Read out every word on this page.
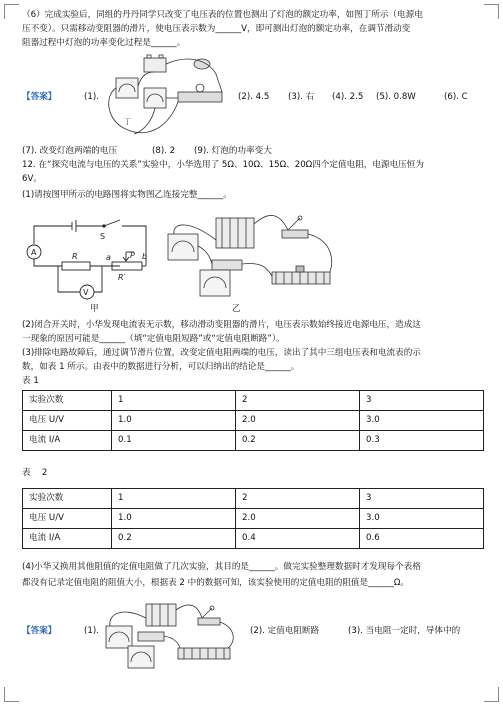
（6）完成实验后，同组的丹丹同学只改变了电压表的位置也测出了灯泡的额定功率，如图丁所示（电源电
压不变）。只需移动变阻器的滑片，使电压表示数为______V，即可测出灯泡的额定功率，在调节滑动变
阻器过程中灯泡的功率变化过程是______。
【答案】	(1).
丁
(2). 4.5 (3). 右 (4). 2.5 (5). 0.8W	(6). C
(7). 改变灯泡两端的电压	(8). 2 (9). 灯泡的功率变大
12. 在“探究电流与电压的关系”实验中，小华选用了 5Ω、10Ω、15Ω、20Ω四个定值电阻，电源电压恒为
6V。
(1)请按图甲所示的电路图将实物图乙连接完整______。
A
S
R	a P b
R′
V
甲	乙
(2)闭合开关时，小华发现电流表无示数，移动滑动变阻器的滑片，电压表示数始终接近电源电压，造成这
一现象的原因可能是______（填“定值电阻短路”或“定值电阻断路”）。
(3)排除电路故障后，通过调节滑片位置，改变定值电阻两端的电压，读出了其中三组电压表和电流表的示
数，如表 1 所示。由表中的数据进行分析，可以归纳出的结论是______。
表 1
实验次数	1	2	3
电压 U/V	1.0	2.0	3.0
电流 I/A	0.1	0.2	0.3
表　 2
实验次数	1	2	3
电压 U/V	1.0	2.0	3.0
电流 I/A	0.2	0.4	0.6
(4)小华又换用其他阻值的定值电阻做了几次实验，其目的是______。做完实验整理数据时才发现每个表格
都没有记录定值电阻的阻值大小，根据表 2 中的数据可知，该实验使用的定值电阻的阻值是______Ω。
【答案】	(1).	(2). 定值电阻断路	(3). 当电阻一定时，导体中的
